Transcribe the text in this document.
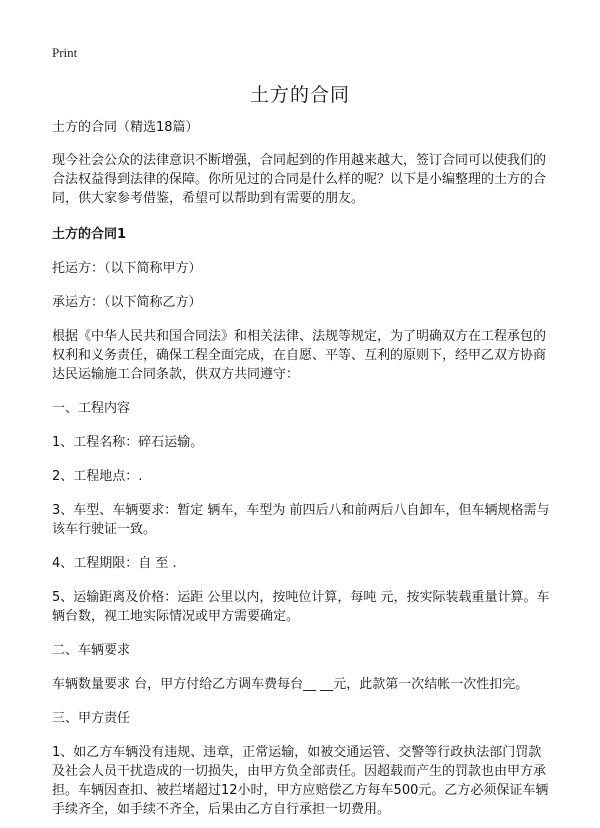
Print
土方的合同

土方的合同（精选18篇）

现今社会公众的法律意识不断增强，合同起到的作用越来越大，签订合同可以使我们的合法权益得到法律的保障。你所见过的合同是什么样的呢？以下是小编整理的土方的合同，供大家参考借鉴，希望可以帮助到有需要的朋友。

土方的合同1

托运方：（以下简称甲方）

承运方：（以下简称乙方）

根据《中华人民共和国合同法》和相关法律、法规等规定，为了明确双方在工程承包的权利和义务责任，确保工程全面完成，在自愿、平等、互利的原则下，经甲乙双方协商达民运输施工合同条款，供双方共同遵守：

一、工程内容

1、工程名称：碎石运输。

2、工程地点：.

3、车型、车辆要求：暂定 辆车，车型为 前四后八和前两后八自卸车，但车辆规格需与该车行驶证一致。

4、工程期限：自 至 .

5、运输距离及价格：运距 公里以内，按吨位计算，每吨 元，按实际装载重量计算。车辆台数，视工地实际情况或甲方需要确定。

二、车辆要求

车辆数量要求 台，甲方付给乙方调车费每台__ __元，此款第一次结帐一次性扣完。

三、甲方责任

1、如乙方车辆没有违规、违章，正常运输，如被交通运管、交警等行政执法部门罚款及社会人员干扰造成的一切损失，由甲方负全部责任。因超载而产生的罚款也由甲方承担。车辆因查扣、被拦堵超过12小时，甲方应赔偿乙方每车500元。乙方必须保证车辆手续齐全，如手续不齐全，后果由乙方自行承担一切费用。
